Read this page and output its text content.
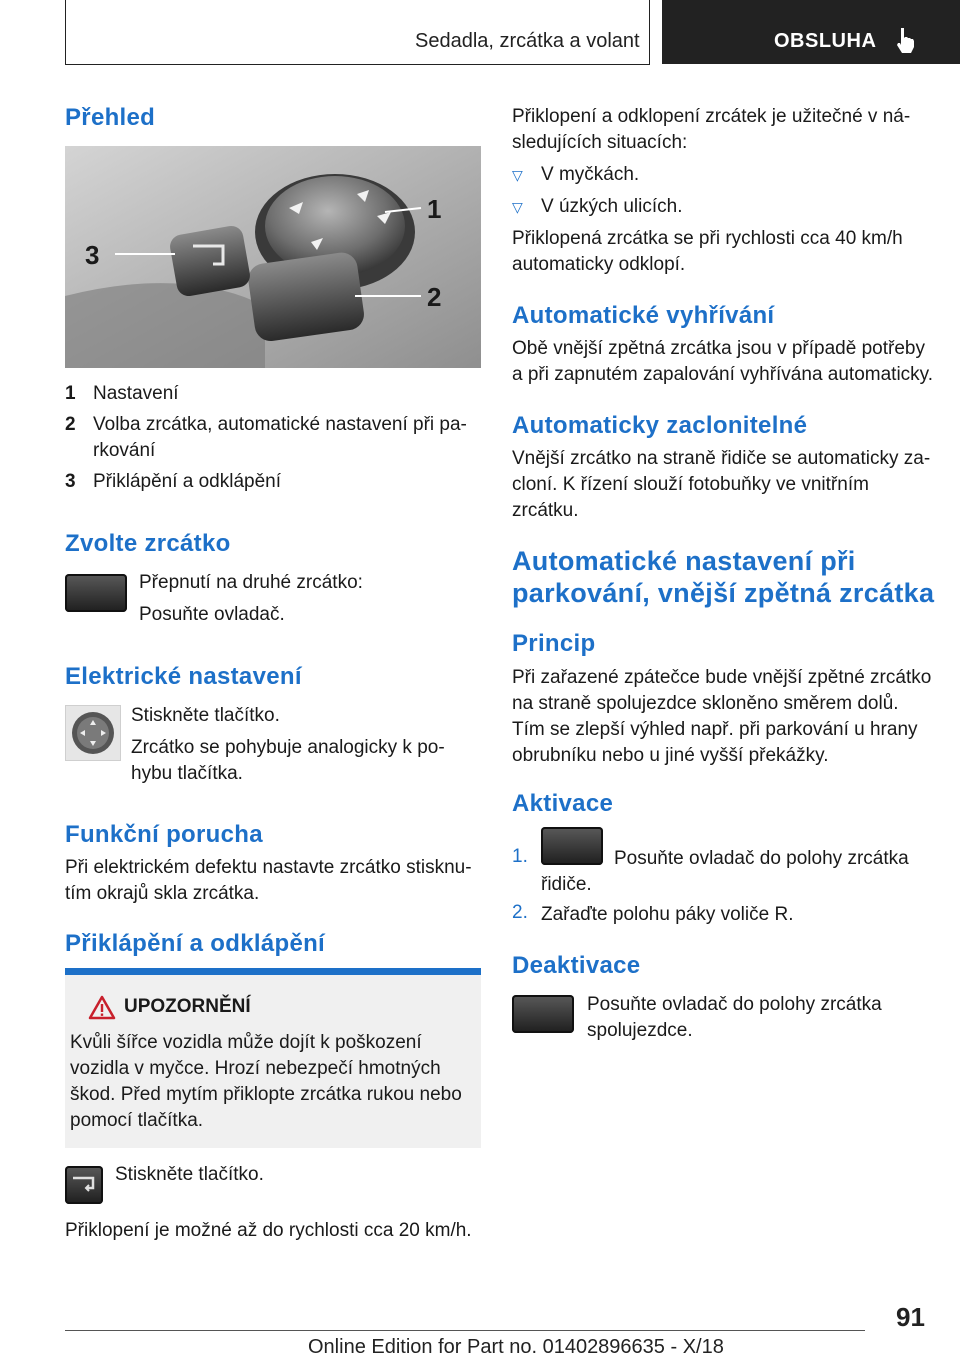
Sedadla, zrcátka a volant	OBSLUHA
Přehled
3
1
2
1 Nastavení
2 Volba zrcátka, automatické nastavení při pa-
rkování
3 Přiklápění a odklápění
Zvolte zrcátko
Přepnutí na druhé zrcátko:
Posuňte ovladač.
Elektrické nastavení
Stiskněte tlačítko.
Zrcátko se pohybuje analogicky k po-
hybu tlačítka.
Funkční porucha
Při elektrickém defektu nastavte zrcátko stisknu-
tím okrajů skla zrcátka.
Přiklápění a odklápění
UPOZORNĚNÍ
Kvůli šířce vozidla může dojít k poškození
vozidla v myčce. Hrozí nebezpečí hmotných
škod. Před mytím přiklopte zrcátka rukou nebo
pomocí tlačítka.
Stiskněte tlačítko.
Přiklopení je možné až do rychlosti cca 20 km/h.
Přiklopení a odklopení zrcátek je užitečné v ná-
sledujících situacích:
▽ V myčkách.
▽ V úzkých ulicích.
Přiklopená zrcátka se při rychlosti cca 40 km/h
automaticky odklopí.
Automatické vyhřívání
Obě vnější zpětná zrcátka jsou v případě potřeby
a při zapnutém zapalování vyhřívána automaticky.
Automaticky zaclonitelné
Vnější zrcátko na straně řidiče se automaticky za-
cloní. K řízení slouží fotobuňky ve vnitřním
zrcátku.
Automatické nastavení při
parkování, vnější zpětná zrcátka
Princip
Při zařazené zpátečce bude vnější zpětné zrcátko
na straně spolujezdce skloněno směrem dolů.
Tím se zlepší výhled např. při parkování u hrany
obrubníku nebo u jiné vyšší překážky.
Aktivace
1.	Posuňte ovladač do polohy zrcátka
řidiče.
2. Zařaďte polohu páky voliče R.
Deaktivace
Posuňte ovladač do polohy zrcátka
spolujezdce.
91
Online Edition for Part no. 01402896635 - X/18
